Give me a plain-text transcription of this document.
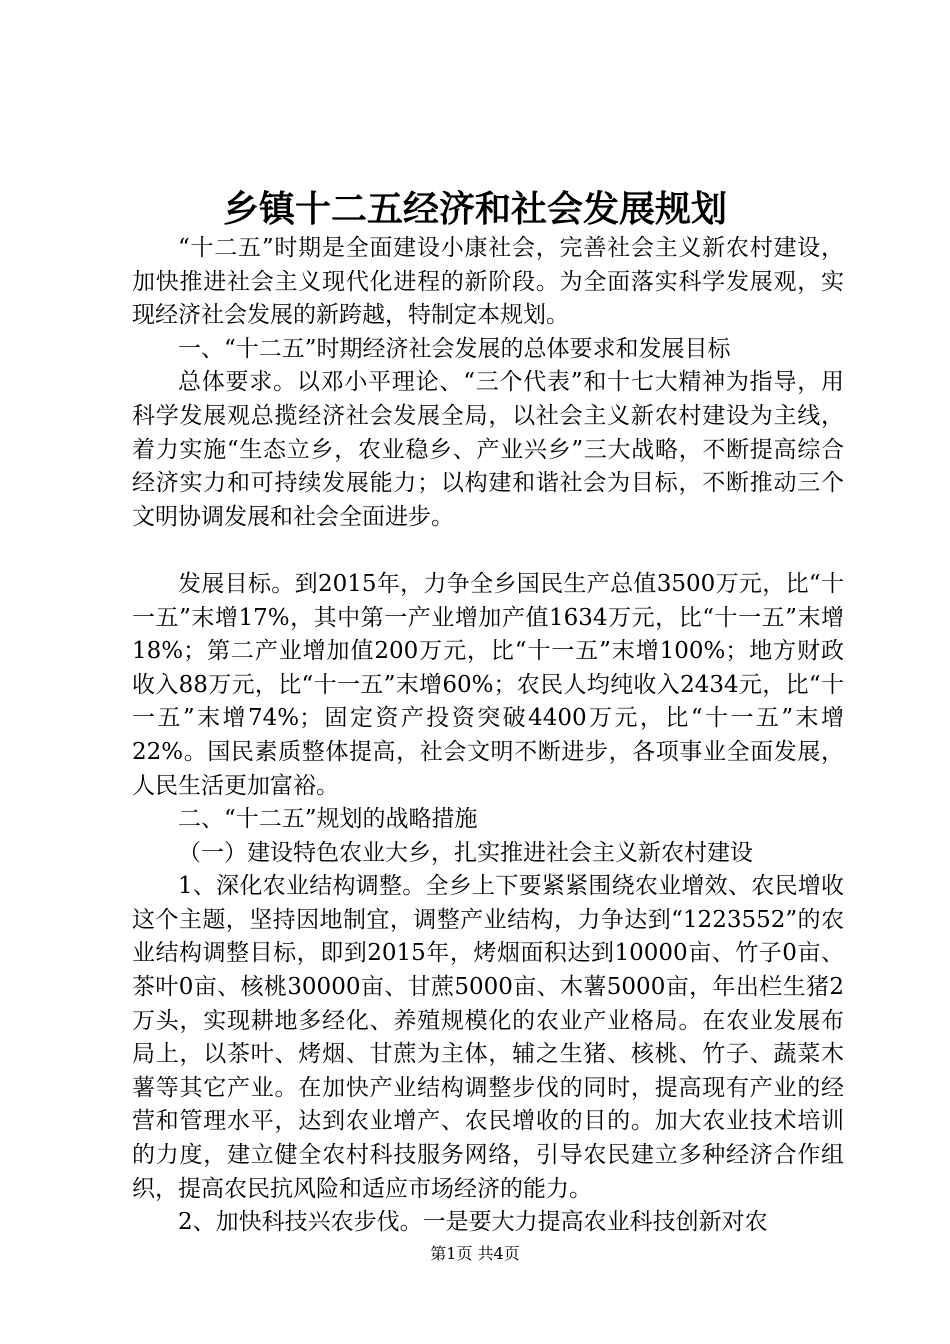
乡镇十二五经济和社会发展规划

“十二五”时期是全面建设小康社会，完善社会主义新农村建设，加快推进社会主义现代化进程的新阶段。为全面落实科学发展观，实现经济社会发展的新跨越，特制定本规划。

一、“十二五”时期经济社会发展的总体要求和发展目标

总体要求。以邓小平理论、“三个代表”和十七大精神为指导，用科学发展观总揽经济社会发展全局，以社会主义新农村建设为主线，着力实施“生态立乡，农业稳乡、产业兴乡”三大战略，不断提高综合经济实力和可持续发展能力；以构建和谐社会为目标，不断推动三个文明协调发展和社会全面进步。

发展目标。到2015年，力争全乡国民生产总值3500万元，比“十一五”末增17%，其中第一产业增加产值1634万元，比“十一五”末增18%；第二产业增加值200万元，比“十一五”末增100%；地方财政收入88万元，比“十一五”末增60%；农民人均纯收入2434元，比“十一五”末增74%；固定资产投资突破4400万元，比“十一五”末增22%。国民素质整体提高，社会文明不断进步，各项事业全面发展，人民生活更加富裕。

二、“十二五”规划的战略措施

（一）建设特色农业大乡，扎实推进社会主义新农村建设

1、深化农业结构调整。全乡上下要紧紧围绕农业增效、农民增收这个主题，坚持因地制宜，调整产业结构，力争达到“1223552”的农业结构调整目标，即到2015年，烤烟面积达到10000亩、竹子0亩、茶叶0亩、核桃30000亩、甘蔗5000亩、木薯5000亩，年出栏生猪2万头，实现耕地多经化、养殖规模化的农业产业格局。在农业发展布局上，以茶叶、烤烟、甘蔗为主体，辅之生猪、核桃、竹子、蔬菜木薯等其它产业。在加快产业结构调整步伐的同时，提高现有产业的经营和管理水平，达到农业增产、农民增收的目的。加大农业技术培训的力度，建立健全农村科技服务网络，引导农民建立多种经济合作组织，提高农民抗风险和适应市场经济的能力。

2、加快科技兴农步伐。一是要大力提高农业科技创新对农

第1页 共4页
